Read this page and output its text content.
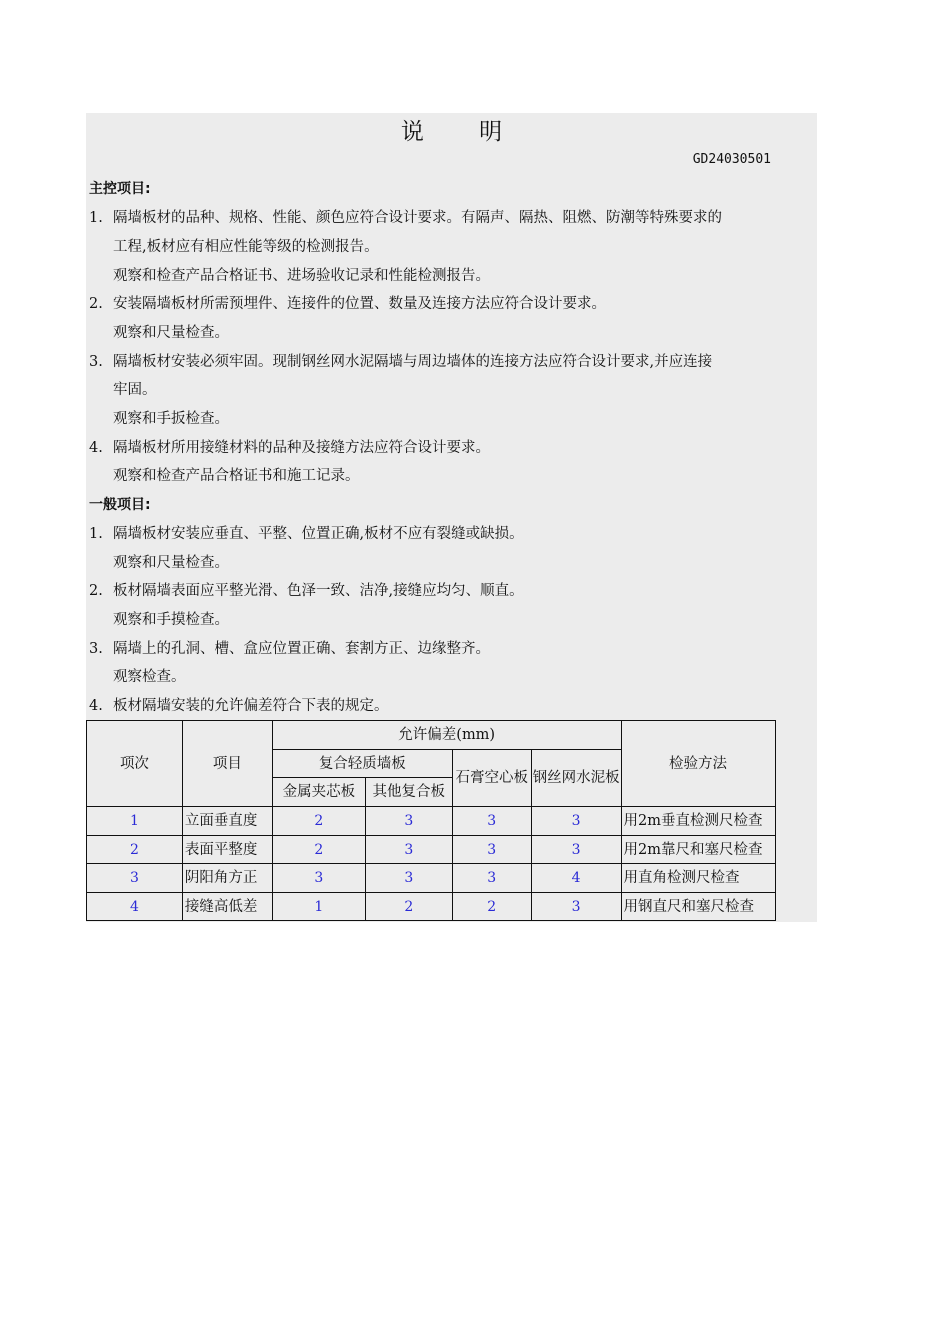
说 明
GD24030501
主控项目:
1. 隔墙板材的品种、规格、性能、颜色应符合设计要求。有隔声、隔热、阻燃、防潮等特殊要求的
工程,板材应有相应性能等级的检测报告。
观察和检查产品合格证书、进场验收记录和性能检测报告。
2. 安装隔墙板材所需预埋件、连接件的位置、数量及连接方法应符合设计要求。
观察和尺量检查。
3. 隔墙板材安装必须牢固。现制钢丝网水泥隔墙与周边墙体的连接方法应符合设计要求,并应连接
牢固。
观察和手扳检查。
4. 隔墙板材所用接缝材料的品种及接缝方法应符合设计要求。
观察和检查产品合格证书和施工记录。
一般项目:
1. 隔墙板材安装应垂直、平整、位置正确,板材不应有裂缝或缺损。
观察和尺量检查。
2. 板材隔墙表面应平整光滑、色泽一致、洁净,接缝应均匀、顺直。
观察和手摸检查。
3. 隔墙上的孔洞、槽、盒应位置正确、套割方正、边缘整齐。
观察检查。
4. 板材隔墙安装的允许偏差符合下表的规定。
项次	项目	允许偏差(mm)				检验方法	
		复合轻质墙板		石膏空心板	钢丝网水泥板		
		金属夹芯板	其他复合板				
1	立面垂直度	2	3	3	3	用2m垂直检测尺检查	
2	表面平整度	2	3	3	3	用2m靠尺和塞尺检查	
3	阴阳角方正	3	3	3	4	用直角检测尺检查	
4	接缝高低差	1	2	2	3	用钢直尺和塞尺检查	
